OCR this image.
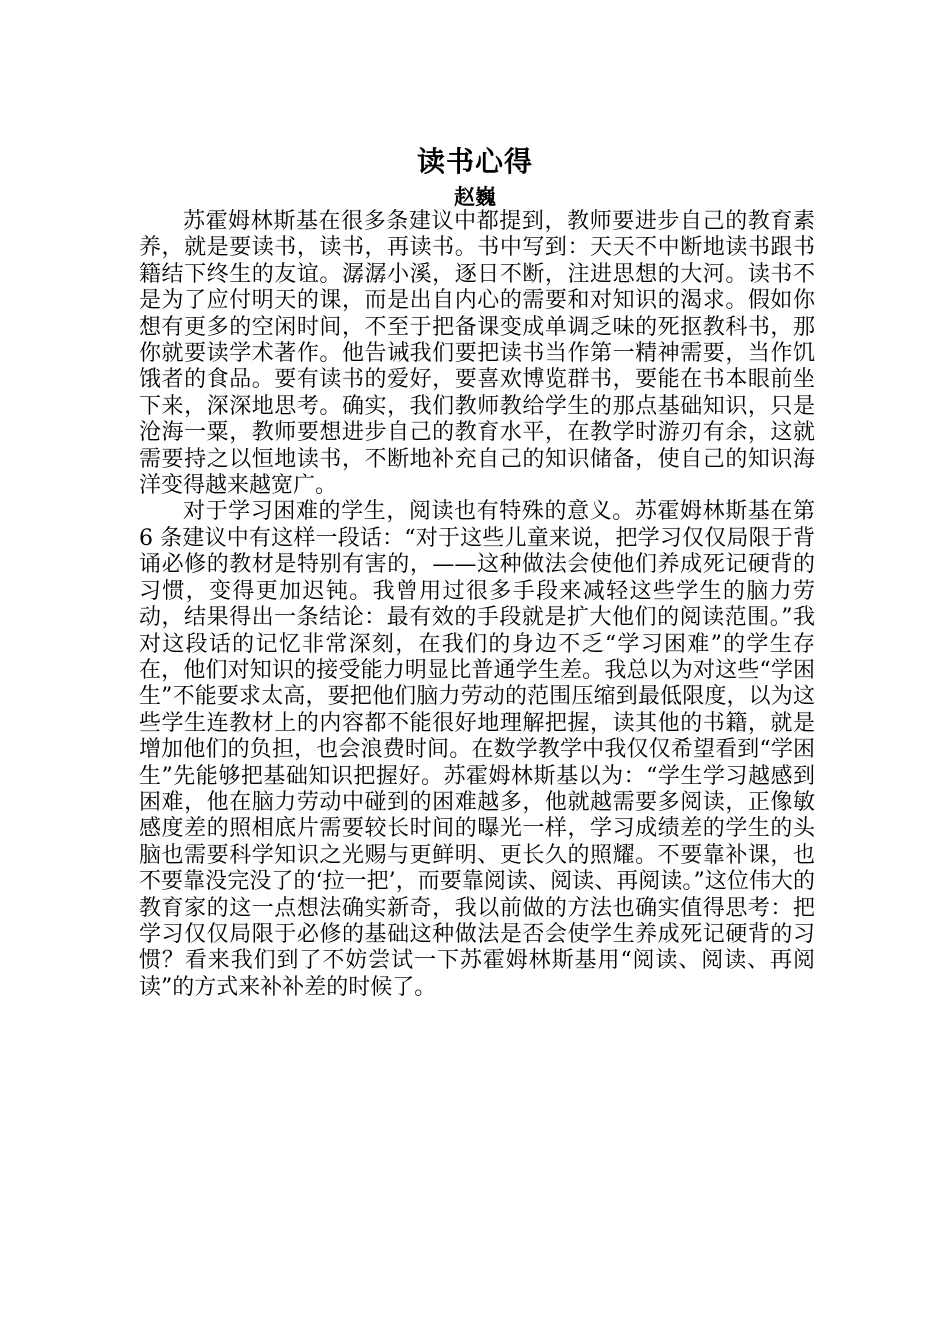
读书心得
赵巍

苏霍姆林斯基在很多条建议中都提到，教师要进步自己的教育素养，就是要读书，读书，再读书。书中写到：天天不中断地读书跟书籍结下终生的友谊。潺潺小溪，逐日不断，注进思想的大河。读书不是为了应付明天的课，而是出自内心的需要和对知识的渴求。假如你想有更多的空闲时间，不至于把备课变成单调乏味的死抠教科书，那你就要读学术著作。他告诫我们要把读书当作第一精神需要，当作饥饿者的食品。要有读书的爱好，要喜欢博览群书，要能在书本眼前坐下来，深深地思考。确实，我们教师教给学生的那点基础知识，只是沧海一粟，教师要想进步自己的教育水平，在教学时游刃有余，这就需要持之以恒地读书，不断地补充自己的知识储备，使自己的知识海洋变得越来越宽广。

对于学习困难的学生，阅读也有特殊的意义。苏霍姆林斯基在第 6 条建议中有这样一段话：“对于这些儿童来说，把学习仅仅局限于背诵必修的教材是特别有害的，——这种做法会使他们养成死记硬背的习惯，变得更加迟钝。我曾用过很多手段来减轻这些学生的脑力劳动，结果得出一条结论：最有效的手段就是扩大他们的阅读范围。”我对这段话的记忆非常深刻，在我们的身边不乏“学习困难”的学生存在，他们对知识的接受能力明显比普通学生差。我总以为对这些“学困生”不能要求太高，要把他们脑力劳动的范围压缩到最低限度，以为这些学生连教材上的内容都不能很好地理解把握，读其他的书籍，就是增加他们的负担，也会浪费时间。在数学教学中我仅仅希望看到“学困生”先能够把基础知识把握好。苏霍姆林斯基以为：“学生学习越感到困难，他在脑力劳动中碰到的困难越多，他就越需要多阅读，正像敏感度差的照相底片需要较长时间的曝光一样，学习成绩差的学生的头脑也需要科学知识之光赐与更鲜明、更长久的照耀。不要靠补课，也不要靠没完没了的‘拉一把’，而要靠阅读、阅读、再阅读。”这位伟大的教育家的这一点想法确实新奇，我以前做的方法也确实值得思考：把学习仅仅局限于必修的基础这种做法是否会使学生养成死记硬背的习惯？看来我们到了不妨尝试一下苏霍姆林斯基用“阅读、阅读、再阅读”的方式来补补差的时候了。
